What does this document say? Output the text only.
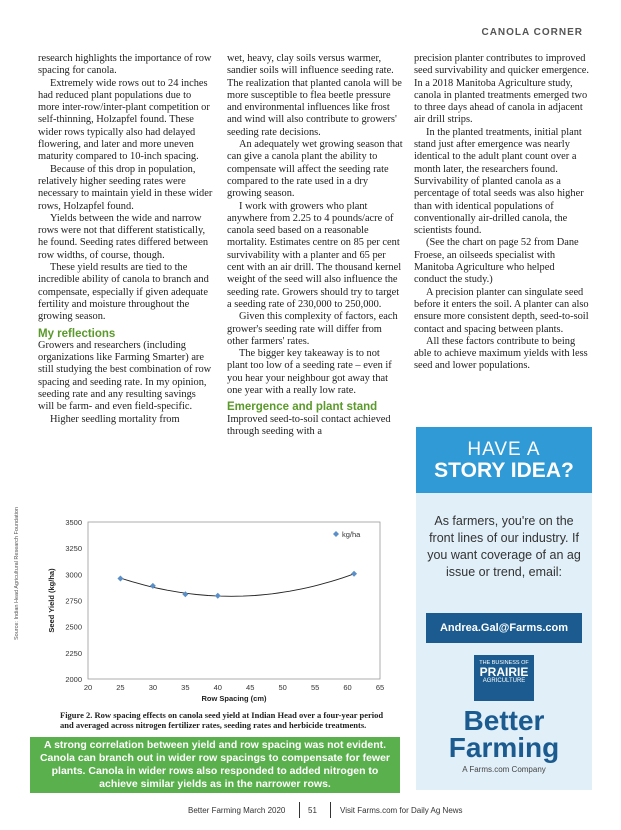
CANOLA CORNER

research highlights the importance of row spacing for canola.

Extremely wide rows out to 24 inches had reduced plant populations due to more inter-row/inter-plant competition or self-thinning, Holzapfel found. These wider rows typically also had delayed flowering, and later and more uneven maturity compared to 10-inch spacing.

Because of this drop in population, relatively higher seeding rates were necessary to maintain yield in these wider rows, Holzapfel found.

Yields between the wide and narrow rows were not that different statistically, he found. Seeding rates differed between row widths, of course, though.

These yield results are tied to the incredible ability of canola to branch and compensate, especially if given adequate fertility and moisture throughout the growing season.

My reflections

Growers and researchers (including organizations like Farming Smarter) are still studying the best combination of row spacing and seeding rate. In my opinion, seeding rate and any resulting savings will be farm- and even field-specific.

Higher seedling mortality from

wet, heavy, clay soils versus warmer, sandier soils will influence seeding rate. The realization that planted canola will be more susceptible to flea beetle pressure and environmental influences like frost and wind will also contribute to growers' seeding rate decisions.

An adequately wet growing season that can give a canola plant the ability to compensate will affect the seeding rate compared to the rate used in a dry growing season.

I work with growers who plant anywhere from 2.25 to 4 pounds/acre of canola seed based on a reasonable mortality. Estimates centre on 85 per cent survivability with a planter and 65 per cent with an air drill. The thousand kernel weight of the seed will also influence the seeding rate. Growers should try to target a seeding rate of 230,000 to 250,000.

Given this complexity of factors, each grower's seeding rate will differ from other farmers' rates.

The bigger key takeaway is to not plant too low of a seeding rate – even if you hear your neighbour got away that one year with a really low rate.

Emergence and plant stand

Improved seed-to-soil contact achieved through seeding with a

precision planter contributes to improved seed survivability and quicker emergence. In a 2018 Manitoba Agriculture study, canola in planted treatments emerged two to three days ahead of canola in adjacent air drill strips.

In the planted treatments, initial plant stand just after emergence was nearly identical to the adult plant count over a month later, the researchers found. Survivability of planted canola as a percentage of total seeds was also higher than with identical populations of conventionally air-drilled canola, the scientists found.

(See the chart on page 52 from Dane Froese, an oilseeds specialist with Manitoba Agriculture who helped conduct the study.)

A precision planter can singulate seed before it enters the soil. A planter can also ensure more consistent depth, seed-to-soil contact and spacing between plants.

All these factors contribute to being able to achieve maximum yields with less seed and lower populations.

HAVE A
STORY IDEA?
As farmers, you're on the front lines of our industry. If you want coverage of an ag issue or trend, email:
Andrea.Gal@Farms.com
THE BUSINESS OF
PRAIRIE
AGRICULTURE
Better
Farming
A Farms.com Company
Source: Indian Head Agricultural Research Foundation
2000
2250
2500
2750
3000
3250
3500
20	25	30	35	40	45	50	55	60	65
Row Spacing (cm)
Seed Yield (kg/ha)
kg/ha
Figure 2. Row spacing effects on canola seed yield at Indian Head over a four-year period and averaged across nitrogen fertilizer rates, seeding rates and herbicide treatments.
A strong correlation between yield and row spacing was not evident. Canola can branch out in wider row spacings to compensate for fewer plants. Canola in wider rows also responded to added nitrogen to achieve similar yields as in the narrower rows.
Better Farming March 2020	51	Visit Farms.com for Daily Ag News
